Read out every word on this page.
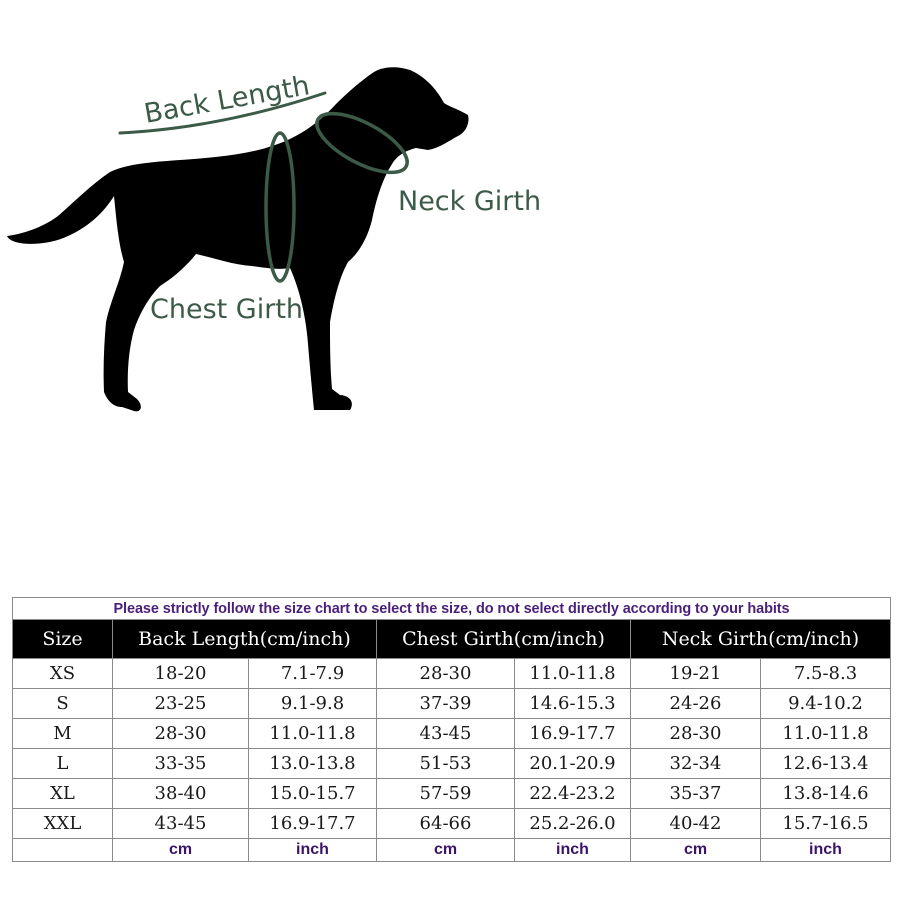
Back Length
Neck Girth
Chest Girth
Please strictly follow the size chart to select the size, do not select directly according to your habits						
Size	Back Length(cm/inch)		Chest Girth(cm/inch)		Neck Girth(cm/inch)	
XS	18-20	7.1-7.9	28-30	11.0-11.8	19-21	7.5-8.3
S	23-25	9.1-9.8	37-39	14.6-15.3	24-26	9.4-10.2
M	28-30	11.0-11.8	43-45	16.9-17.7	28-30	11.0-11.8
L	33-35	13.0-13.8	51-53	20.1-20.9	32-34	12.6-13.4
XL	38-40	15.0-15.7	57-59	22.4-23.2	35-37	13.8-14.6
XXL	43-45	16.9-17.7	64-66	25.2-26.0	40-42	15.7-16.5
	cm	inch	cm	inch	cm	inch
